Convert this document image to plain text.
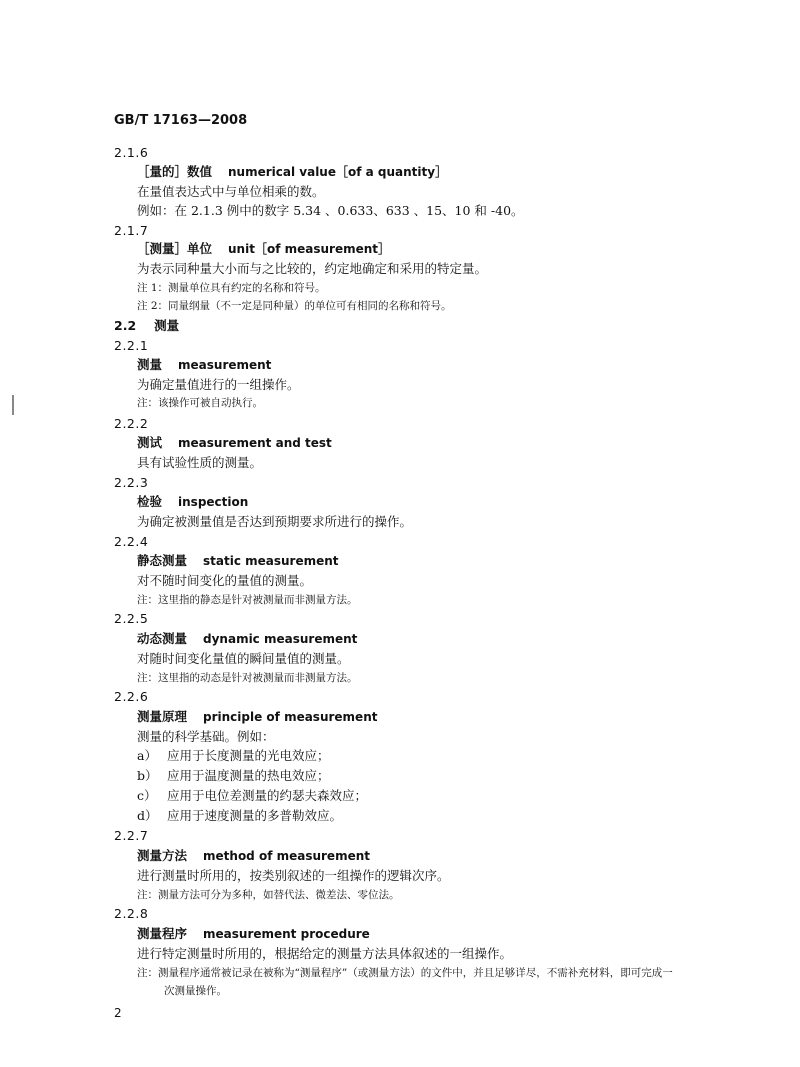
GB/T 17163—2008
2.1.6
［量的］数值 numerical value［of a quantity］
在量值表达式中与单位相乘的数。
例如：在 2.1.3 例中的数字 5.34 、0.633、633 、15、10 和 -40。
2.1.7
［测量］单位 unit［of measurement］
为表示同种量大小而与之比较的，约定地确定和采用的特定量。
注 1：测量单位具有约定的名称和符号。
注 2：同量纲量（不一定是同种量）的单位可有相同的名称和符号。
2.2 测量
2.2.1
测量 measurement
为确定量值进行的一组操作。
注：该操作可被自动执行。
2.2.2
测试 measurement and test
具有试验性质的测量。
2.2.3
检验 inspection
为确定被测量值是否达到预期要求所进行的操作。
2.2.4
静态测量 static measurement
对不随时间变化的量值的测量。
注：这里指的静态是针对被测量而非测量方法。
2.2.5
动态测量 dynamic measurement
对随时间变化量值的瞬间量值的测量。
注：这里指的动态是针对被测量而非测量方法。
2.2.6
测量原理 principle of measurement
测量的科学基础。例如：
a） 应用于长度测量的光电效应；
b） 应用于温度测量的热电效应；
c） 应用于电位差测量的约瑟夫森效应；
d） 应用于速度测量的多普勒效应。
2.2.7
测量方法 method of measurement
进行测量时所用的，按类别叙述的一组操作的逻辑次序。
注：测量方法可分为多种，如替代法、微差法、零位法。
2.2.8
测量程序 measurement procedure
进行特定测量时所用的，根据给定的测量方法具体叙述的一组操作。
注：测量程序通常被记录在被称为“测量程序”（或测量方法）的文件中，并且足够详尽，不需补充材料，即可完成一
次测量操作。
2
